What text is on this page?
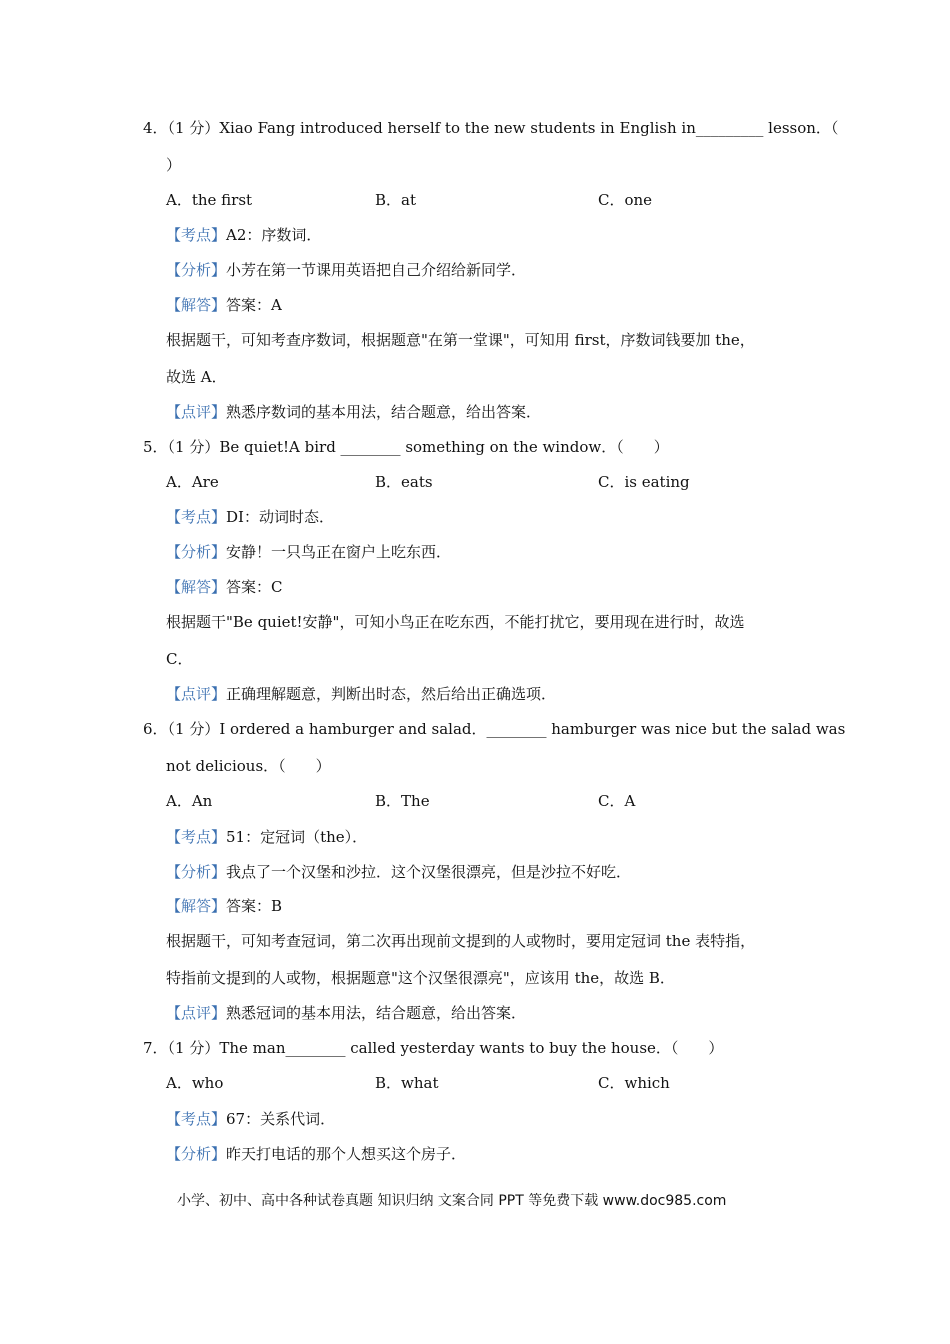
4．（1 分）Xiao Fang introduced herself to the new students in English in_________ lesson．（
）
A．the first	B．at	C．one
【考点】A2：序数词．
【分析】小芳在第一节课用英语把自己介绍给新同学．
【解答】答案：A
根据题干，可知考查序数词，根据题意"在第一堂课"，可知用 first，序数词钱要加 the，
故选 A．
【点评】熟悉序数词的基本用法，结合题意，给出答案．
5．（1 分）Be quiet!A bird ________ something on the window．（　　）
A．Are	B．eats	C．is eating
【考点】DI：动词时态．
【分析】安静！一只鸟正在窗户上吃东西．
【解答】答案：C
根据题干"Be quiet!安静"，可知小鸟正在吃东西，不能打扰它，要用现在进行时，故选
C．
【点评】正确理解题意，判断出时态，然后给出正确选项．
6．（1 分）I ordered a hamburger and salad．________ hamburger was nice but the salad was
not delicious．（　　）
A．An	B．The	C．A
【考点】51：定冠词（the）．
【分析】我点了一个汉堡和沙拉．这个汉堡很漂亮，但是沙拉不好吃．
【解答】答案：B
根据题干，可知考查冠词，第二次再出现前文提到的人或物时，要用定冠词 the 表特指，
特指前文提到的人或物，根据题意"这个汉堡很漂亮"，应该用 the，故选 B．
【点评】熟悉冠词的基本用法，结合题意，给出答案．
7．（1 分）The man________ called yesterday wants to buy the house．（　　）
A．who	B．what	C．which
【考点】67：关系代词．
【分析】昨天打电话的那个人想买这个房子．
小学、初中、高中各种试卷真题 知识归纳 文案合同 PPT 等免费下载 www.doc985.com
